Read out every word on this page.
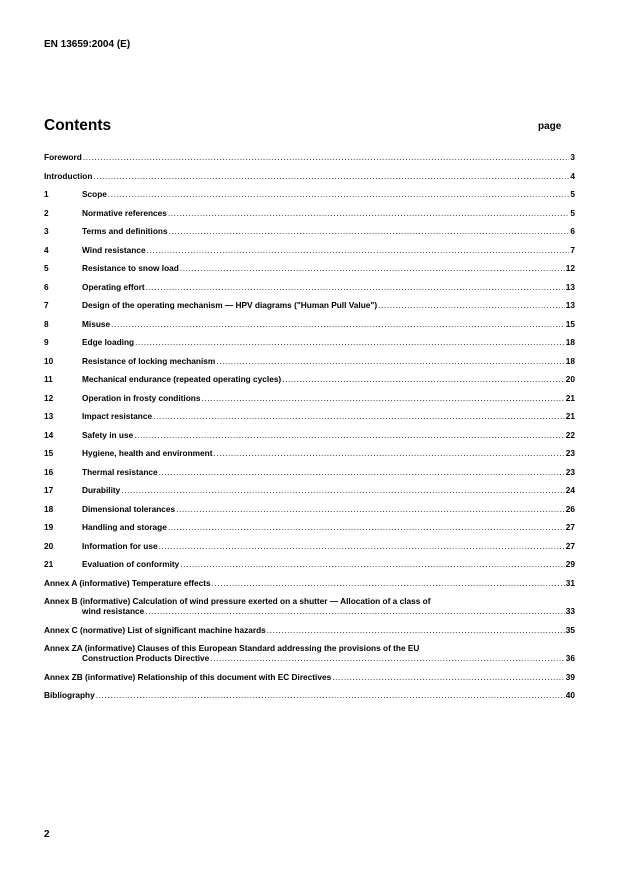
EN 13659:2004 (E)
Contents	page
Foreword .....	3
Introduction .....	4
1	Scope .....	5
2	Normative references .....	5
3	Terms and definitions .....	6
4	Wind resistance .....	7
5	Resistance to snow load .....	12
6	Operating effort .....	13
7	Design of the operating mechanism — HPV diagrams ("Human Pull Value") .....	13
8	Misuse .....	15
9	Edge loading .....	18
10	Resistance of locking mechanism .....	18
11	Mechanical endurance (repeated operating cycles) .....	20
12	Operation in frosty conditions .....	21
13	Impact resistance .....	21
14	Safety in use .....	22
15	Hygiene, health and environment .....	23
16	Thermal resistance .....	23
17	Durability .....	24
18	Dimensional tolerances .....	26
19	Handling and storage .....	27
20	Information for use .....	27
21	Evaluation of conformity .....	29
Annex A (informative) Temperature effects .....	31
Annex B (informative) Calculation of wind pressure exerted on a shutter — Allocation of a class of
wind resistance .....	33
Annex C (normative) List of significant machine hazards .....	35
Annex ZA (informative) Clauses of this European Standard addressing the provisions of the EU
Construction Products Directive .....	36
Annex ZB (informative) Relationship of this document with EC Directives .....	39
Bibliography .....	40
2
